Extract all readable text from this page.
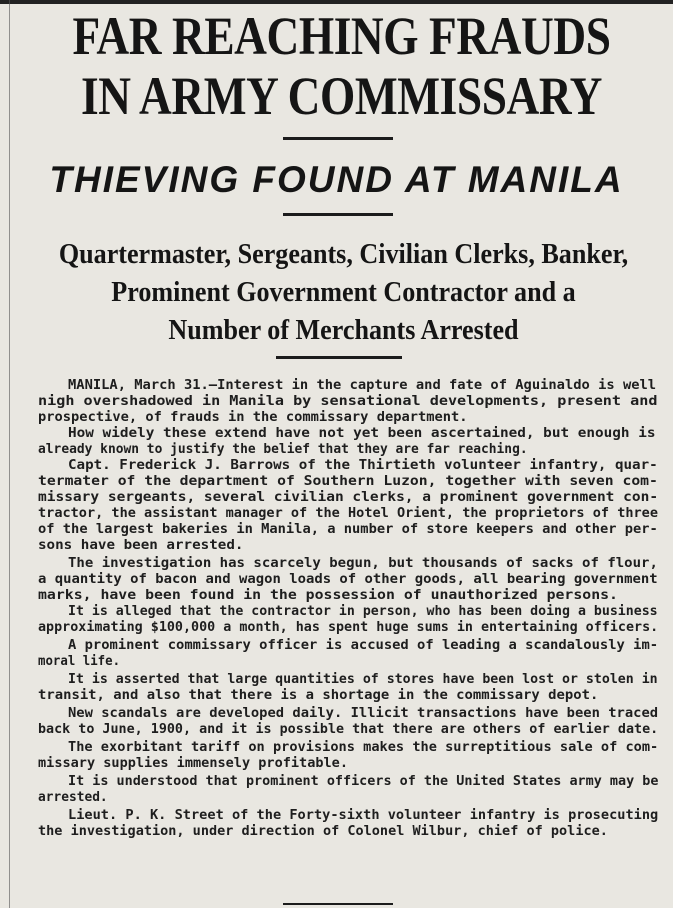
FAR REACHING FRAUDS
IN ARMY COMMISSARY
THIEVING FOUND AT MANILA
Quartermaster, Sergeants, Civilian Clerks, Banker,
Prominent Government Contractor and a
Number of Merchants Arrested
MANILA, March 31.—Interest in the capture and fate of Aguinaldo is well
nigh overshadowed in Manila by sensational developments, present and
prospective, of frauds in the commissary department.
How widely these extend have not yet been ascertained, but enough is
already known to justify the belief that they are far reaching.
Capt. Frederick J. Barrows of the Thirtieth volunteer infantry, quar-
termater of the department of Southern Luzon, together with seven com-
missary sergeants, several civilian clerks, a prominent government con-
tractor, the assistant manager of the Hotel Orient, the proprietors of three
of the largest bakeries in Manila, a number of store keepers and other per-
sons have been arrested.
The investigation has scarcely begun, but thousands of sacks of flour,
a quantity of bacon and wagon loads of other goods, all bearing government
marks, have been found in the possession of unauthorized persons.
It is alleged that the contractor in person, who has been doing a business
approximating $100,000 a month, has spent huge sums in entertaining officers.
A prominent commissary officer is accused of leading a scandalously im-
moral life.
It is asserted that large quantities of stores have been lost or stolen in
transit, and also that there is a shortage in the commissary depot.
New scandals are developed daily. Illicit transactions have been traced
back to June, 1900, and it is possible that there are others of earlier date.
The exorbitant tariff on provisions makes the surreptitious sale of com-
missary supplies immensely profitable.
It is understood that prominent officers of the United States army may be
arrested.
Lieut. P. K. Street of the Forty-sixth volunteer infantry is prosecuting
the investigation, under direction of Colonel Wilbur, chief of police.
